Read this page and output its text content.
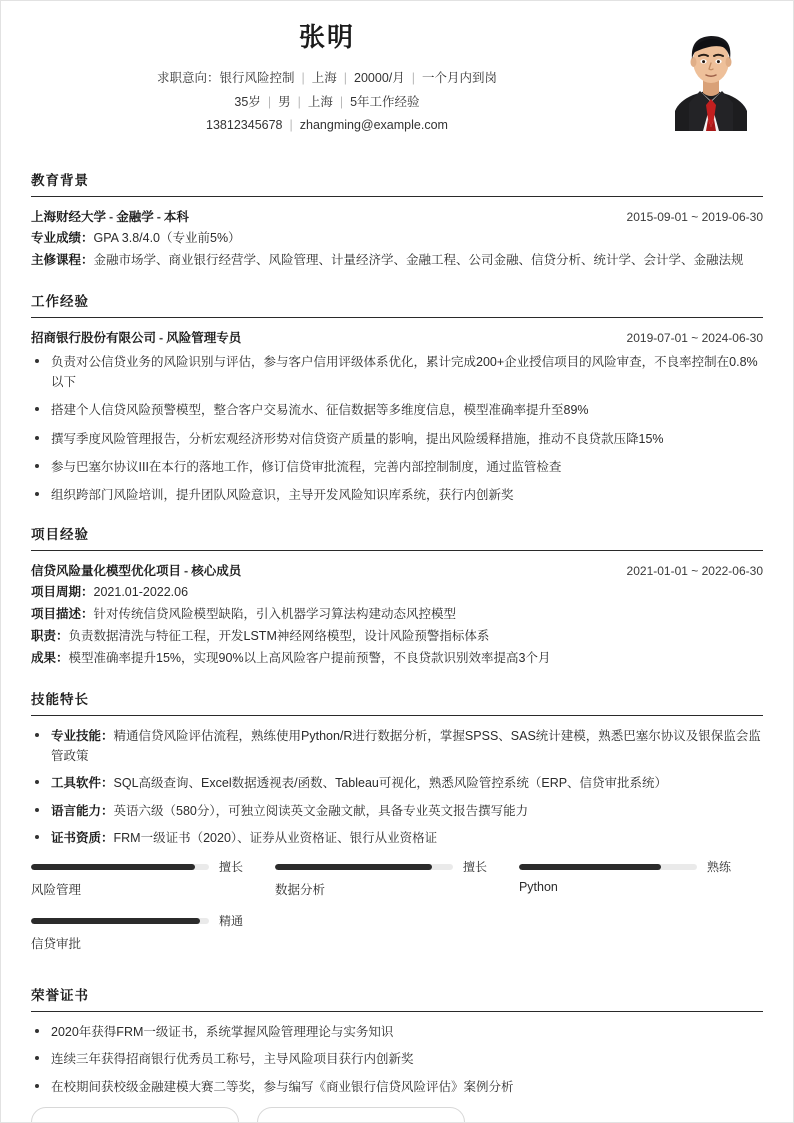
张明
求职意向：银行风险控制 | 上海 | 20000/月 | 一个月内到岗
35岁 | 男 | 上海 | 5年工作经验
13812345678 | zhangming@example.com
教育背景
上海财经大学 - 金融学 - 本科	2015-09-01 ~ 2019-06-30
专业成绩：GPA 3.8/4.0（专业前5%）
主修课程：金融市场学、商业银行经营学、风险管理、计量经济学、金融工程、公司金融、信贷分析、统计学、会计学、金融法规
工作经验
招商银行股份有限公司 - 风险管理专员	2019-07-01 ~ 2024-06-30
负责对公信贷业务的风险识别与评估，参与客户信用评级体系优化，累计完成200+企业授信项目的风险审查，不良率控制在0.8%以下
搭建个人信贷风险预警模型，整合客户交易流水、征信数据等多维度信息，模型准确率提升至89%
撰写季度风险管理报告，分析宏观经济形势对信贷资产质量的影响，提出风险缓释措施，推动不良贷款压降15%
参与巴塞尔协议III在本行的落地工作，修订信贷审批流程，完善内部控制制度，通过监管检查
组织跨部门风险培训，提升团队风险意识，主导开发风险知识库系统，获行内创新奖
项目经验
信贷风险量化模型优化项目 - 核心成员	2021-01-01 ~ 2022-06-30
项目周期：2021.01-2022.06
项目描述：针对传统信贷风险模型缺陷，引入机器学习算法构建动态风控模型
职责：负责数据清洗与特征工程，开发LSTM神经网络模型，设计风险预警指标体系
成果：模型准确率提升15%，实现90%以上高风险客户提前预警，不良贷款识别效率提高3个月
技能特长
专业技能：精通信贷风险评估流程，熟练使用Python/R进行数据分析，掌握SPSS、SAS统计建模，熟悉巴塞尔协议及银保监会监管政策
工具软件：SQL高级查询、Excel数据透视表/函数、Tableau可视化，熟悉风险管控系统（ERP、信贷审批系统）
语言能力：英语六级（580分），可独立阅读英文金融文献，具备专业英文报告撰写能力
证书资质：FRM一级证书（2020）、证券从业资格证、银行从业资格证
擅长
风险管理
擅长
数据分析
熟练
Python
精通
信贷审批
荣誉证书
2020年获得FRM一级证书，系统掌握风险管理理论与实务知识
连续三年获得招商银行优秀员工称号，主导风险项目获行内创新奖
在校期间获校级金融建模大赛二等奖，参与编写《商业银行信贷风险评估》案例分析
